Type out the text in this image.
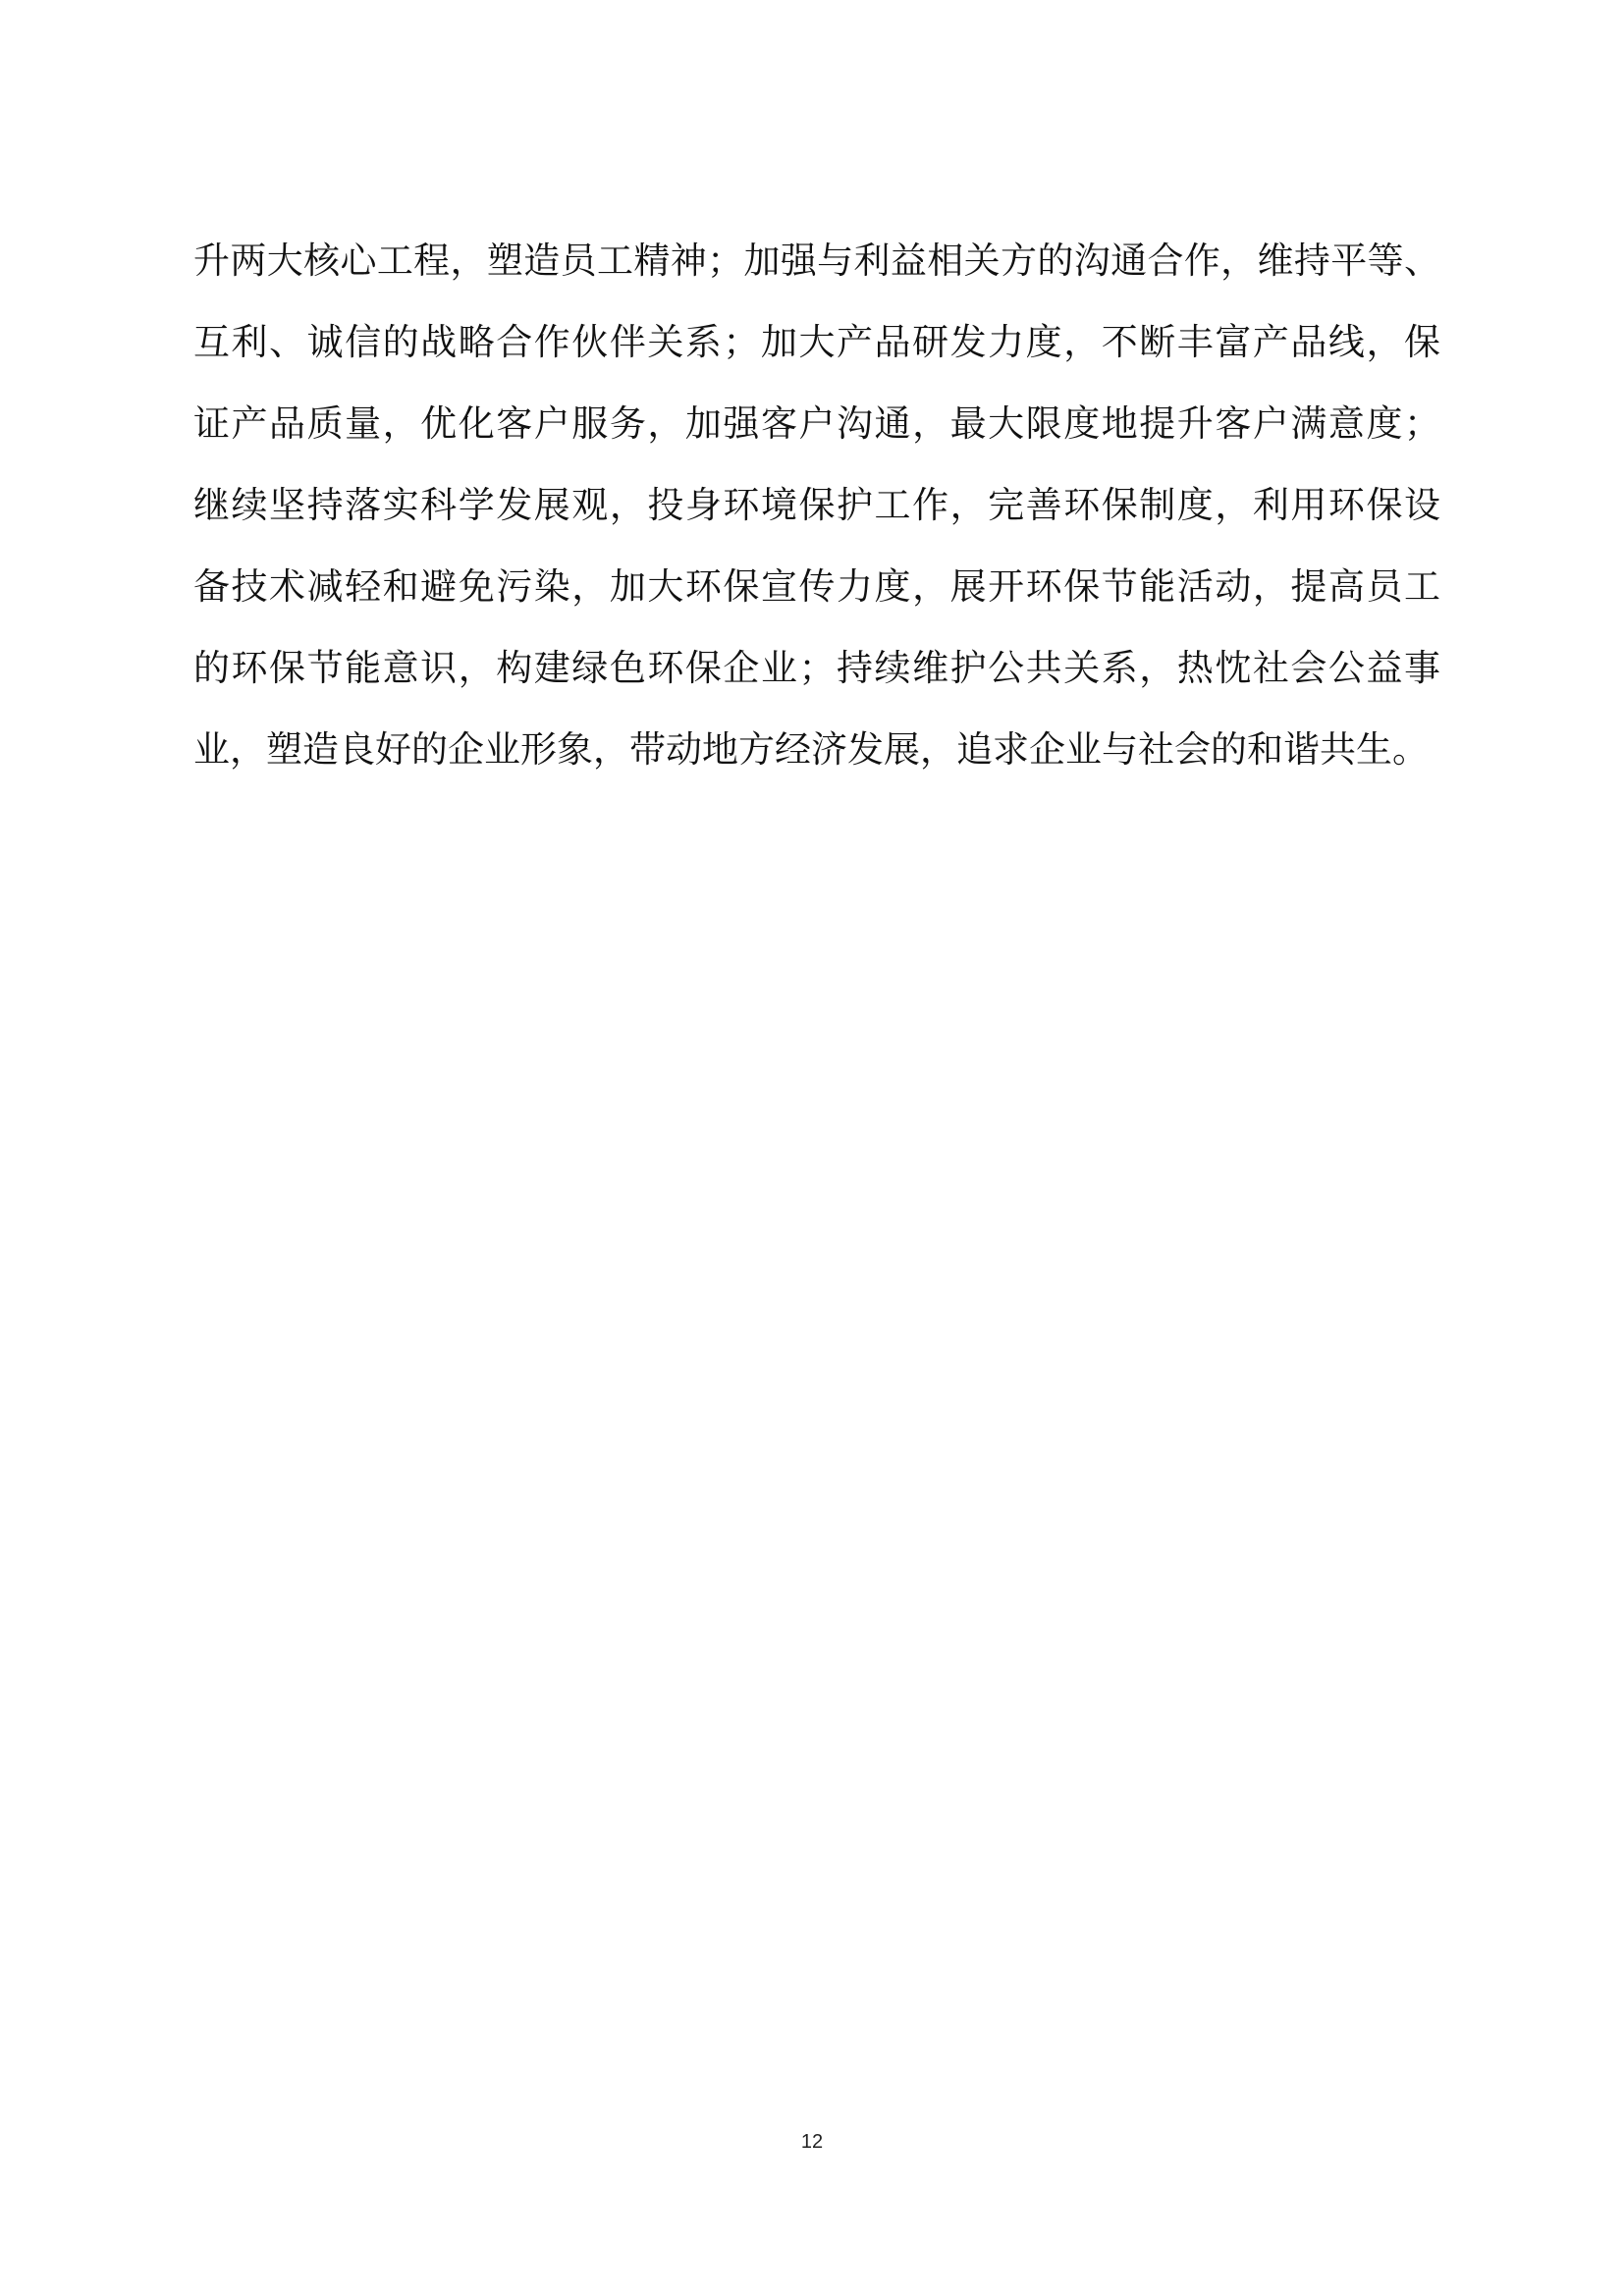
升两大核心工程，塑造员工精神；加强与利益相关方的沟通合作，维持平等、
互利、诚信的战略合作伙伴关系；加大产品研发力度，不断丰富产品线，保
证产品质量，优化客户服务，加强客户沟通，最大限度地提升客户满意度；
继续坚持落实科学发展观，投身环境保护工作，完善环保制度，利用环保设
备技术减轻和避免污染，加大环保宣传力度，展开环保节能活动，提高员工
的环保节能意识，构建绿色环保企业；持续维护公共关系，热忱社会公益事
业，塑造良好的企业形象，带动地方经济发展，追求企业与社会的和谐共生。
12
